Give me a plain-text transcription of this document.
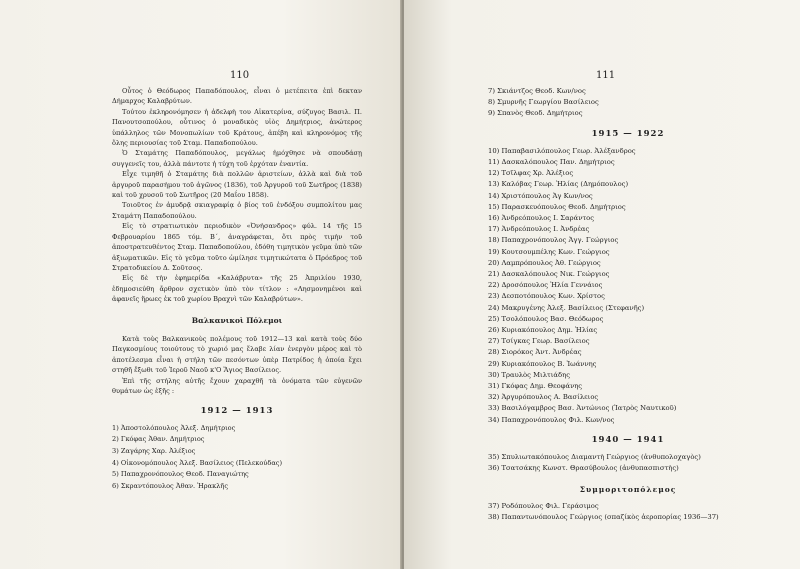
110	111

Οὗτος ὁ Θεόδωρος Παπαδόπουλος, εἶναι ὁ μετέπειτα ἐπὶ δεκταν Δήμαρχος Καλαβρύτων.

Τούτου ἐκληρονόμησεν ἡ ἀδελφὴ του Αἰκατερίνα, σύζυγος Βασιλ. Π. Πανουτσοπούλου, οὗτινος ὁ μοναδικὸς υἱὸς Δημήτριος, ἀνώτερος ὑπάλληλος τῶν Μονοπωλίων τοῦ Κράτους, ἀπέβη καὶ κληρονόμος τῆς ὅλης περιουσίας τοῦ Σταμ. Παπαδοπούλου.

Ὁ Σταμάτης Παπαδόπουλος, μεγάλως ἠμόχθησε νὰ σπουδάσῃ συγγενεῖς του, ἀλλὰ πάντοτε ἡ τύχη τοῦ ἐρχόταν ἐναντία.

Εἶχε τιμηθῆ ὁ Σταμάτης διὰ πολλῶν ἀριστείων, ἀλλὰ καὶ διὰ τοῦ ἀργυροῦ παρασήμου τοῦ ἀγῶνος (1836), τοῦ Ἀργυροῦ τοῦ Σωτῆρος (1838) καὶ τοῦ χρυσοῦ τοῦ Σωτῆρος (20 Μαΐου 1858).

Τοιοῦτος ἐν ἀμυδρᾷ σκιαγραφίᾳ ὁ βίος τοῦ ἐνδόξου συμπολίτου μας Σταμάτη Παπαδοπούλου.

Εἰς τὸ στρατιωτικὸν περιοδικὸν «Ὀνήσανδρος» φύλ. 14 τῆς 15 Φεβρουαρίου 1865 τόμ. Β΄, ἀναγράφεται, ὅτι πρὸς τιμὴν τοῦ ἀποστρατευθέντος Σταμ. Παπαδοπούλου, ἐδόθη τιμητικὸν γεῦμα ὑπὸ τῶν ἀξιωματικῶν. Εἰς τὸ γεῦμα τοῦτο ὡμίλησε τιμητικώτατα ὁ Πρόεδρος τοῦ Στρατοδικείου Δ. Σοῦτσος.

Εἰς δὲ τὴν ἐφημερίδα «Καλάβρυτα» τῆς 25 Ἀπριλίου 1930, ἐδημοσιεύθη ἄρθρον σχετικὸν ὑπὸ τὸν τίτλον : «Λησμονημένοι καὶ ἀφανεῖς ἥρωες ἐκ τοῦ χωρίου Βραχνὶ τῶν Καλαβρύτων».

Βαλκανικοὶ Πόλεμοι

Κατὰ τοὺς Βαλκανικοὺς πολέμους τοῦ 1912—13 καὶ κατὰ τοὺς δύο Παγκοσμίους τοιούτους τὸ χωριό μας ἔλαβε λίαν ἐνεργὸν μέρος καὶ τὸ ἀποτέλεσμα εἶναι ἡ στήλη τῶν πεσόντων ὑπὲρ Πατρίδος ἡ ὁποία ἔχει στηθῆ ἔξωθι τοῦ Ἱεροῦ Ναοῦ κ'Ο Ἅγιος Βασίλειος.

Ἐπὶ τῆς στήλης αὐτῆς ἔχουν χαραχθῆ τὰ ὀνόματα τῶν εὐγενῶν θυμάτων ὡς ἑξῆς :

1912 — 1913
1) Ἀποστολόπουλος Ἀλεξ. Δημήτριος
2) Γκόφας Ἀθαν. Δημήτριος
3) Ζαγάρης Χαρ. Ἀλέξιος
4) Οἰκονομόπουλος Ἀλεξ. Βασίλειος (Πελεκούδας)
5) Παπαχρονόπουλος Θεοδ. Παναγιώτης
6) Σκραντόπουλος Ἀθαν. Ἡρακλῆς
7) Σκιάντζος Θεοδ. Κων/νος
8) Σμυρνῆς Γεωργίου Βασίλειος
9) Σπανὸς Θεοδ. Δημήτριος
1915 — 1922
10) Παπαβασιλόπουλος Γεωρ. Ἀλέξανδρος
11) Δασκαλόπουλος Παν. Δημήτριος
12) Τσῖλφας Χρ. Ἀλέξιος
13) Καλόβας Γεωρ. Ἠλίας (Δημόπουλος)
14) Χριστόπουλος Ἀγ Κων/νος
15) Παρασκευόπουλος Θεοδ. Δημήτριος
16) Ἀνδρεόπουλος Ι. Σαράντος
17) Ἀνδρεόπουλος Ι. Ἀνδρέας
18) Παπαχρονόπουλος Ἀγγ. Γεώργιος
19) Κουτσουμπέλης Κων. Γεώργιος
20) Λαμπρόπουλος Ἀθ. Γεώργιος
21) Δασκαλόπουλος Νικ. Γεώργιος
22) Δροσόπουλος Ἠλία Γεννάιος
23) Δεσποτόπουλος Κων. Χρίστος
24) Μακρυγένης Ἀλεξ. Βασίλειος (Στεφανῆς)
25) Τσολόπουλος Βασ. Θεόδωρος
26) Κυριακόπουλος Δημ. Ἠλίας
27) Τσίγκας Γεωρ. Βασίλειος
28) Σιορόκος Ἀντ. Ἀνδρέας
29) Κυριακόπουλος Β. Ἰωάννης
30) Τραυλὸς Μιλτιάδης
31) Γκόφας Δημ. Θεοφάνης
32) Ἀργυρόπουλος Α. Βασίλειος
33) Βασιλόγαμβρος Βασ. Ἀντώνιος (Ἰατρὸς Ναυτικοῦ)
34) Παπαχρονόπουλος Φιλ. Κων/νος
1940 — 1941
35) Σπυλιωτακόπουλος Διαμαντὴ Γεώργιος (ἀνθυπολοχαγὸς)
36) Τσατσάκης Κωνστ. Θρασύβουλος (ἀνθυπασπιστὴς)
Συμμοριτοπόλεμος
37) Ροδόπουλος Φιλ. Γεράσιμος
38) Παπαντωνόπουλος Γεώργιος (σπαζίκὸς ἀεροπορίας 1936—37)
